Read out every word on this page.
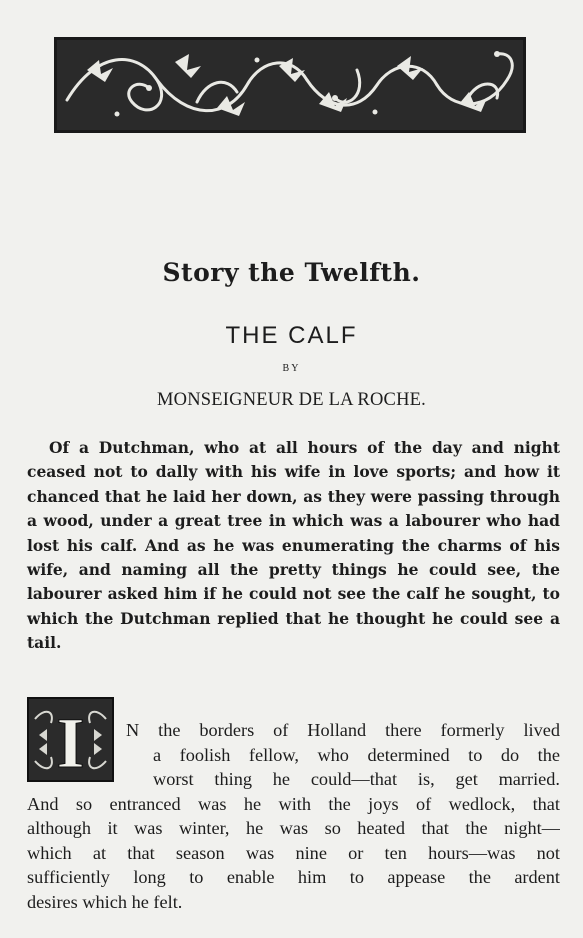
Story the Twelfth.
THE CALF
BY
MONSEIGNEUR DE LA ROCHE.

Of a Dutchman, who at all hours of the day and night ceased not to dally with his wife in love sports; and how it chanced that he laid her down, as they were passing through a wood, under a great tree in which was a labourer who had lost his calf. And as he was enumerating the charms of his wife, and naming all the pretty things he could see, the labourer asked him if he could not see the calf he sought, to which the Dutchman replied that he thought he could see a tail.

I	N the borders of Holland there formerly lived
a foolish fellow, who determined to do the
worst thing he could—that is, get married.
And so entranced was he with the joys of wedlock, that
although it was winter, he was so heated that the night—
which at that season was nine or ten hours—was not
sufficiently long to enable him to appease the ardent
desires which he felt.
